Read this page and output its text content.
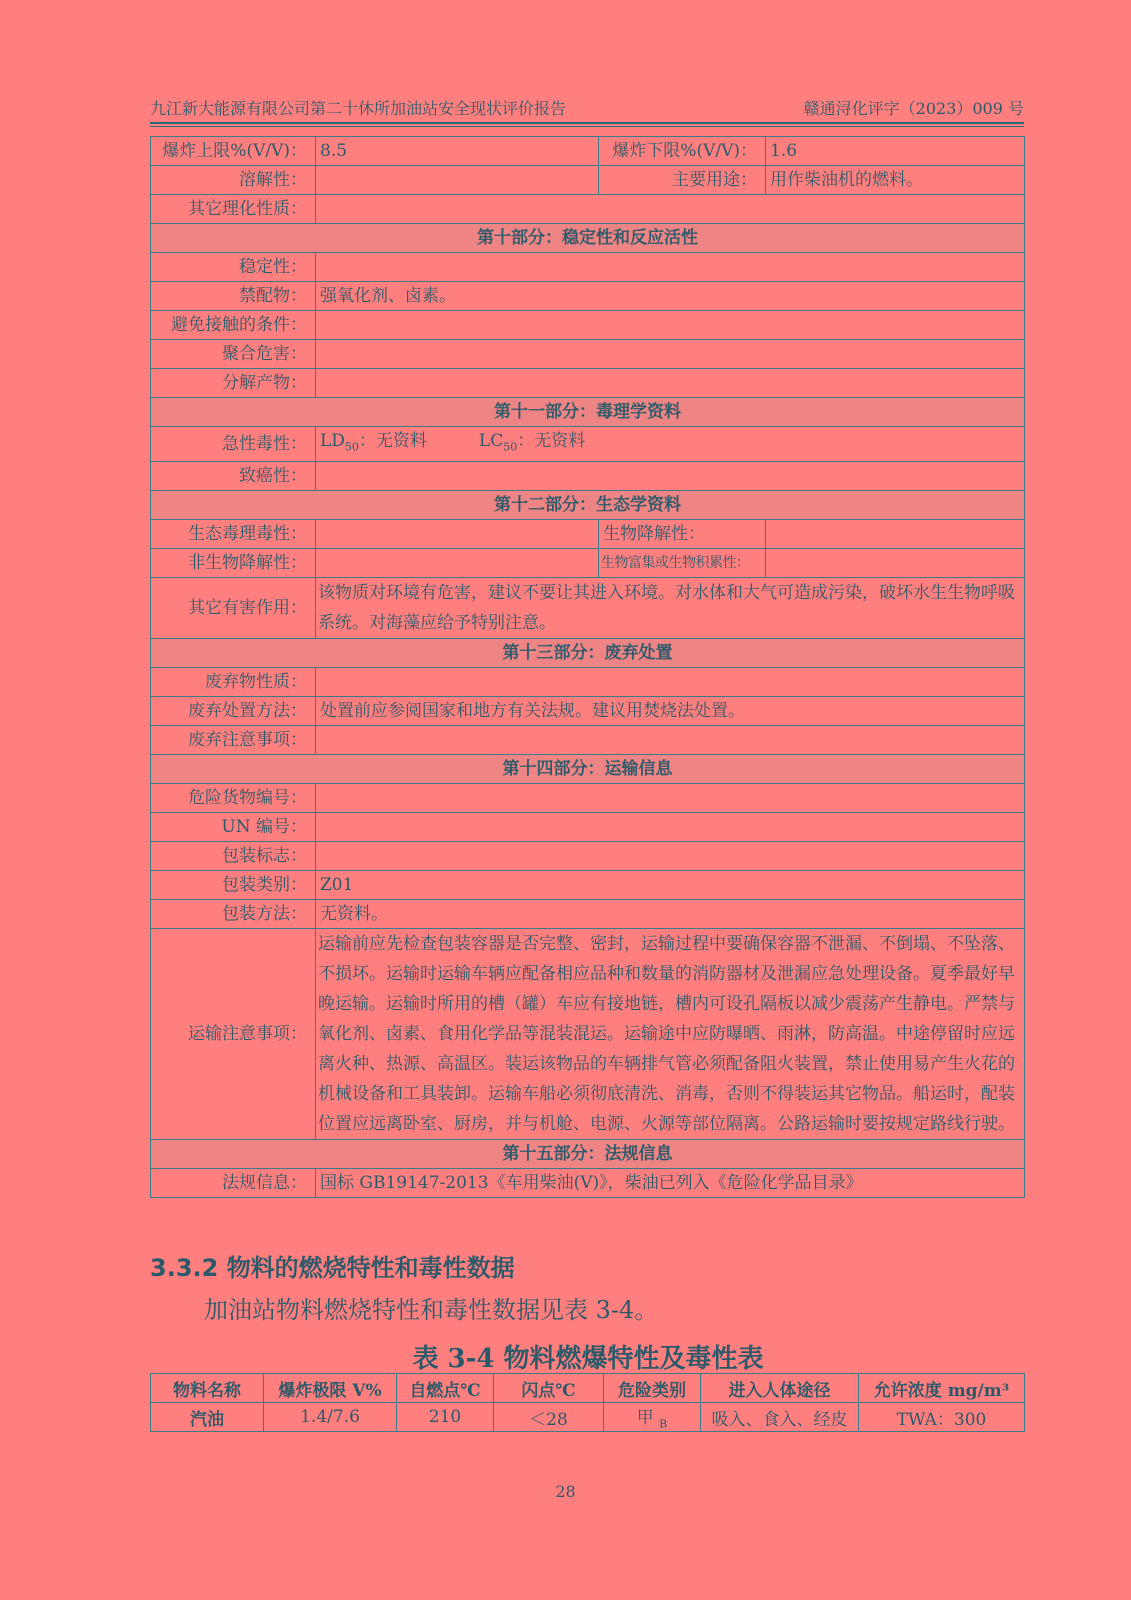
九江新大能源有限公司第二十休所加油站安全现状评价报告	赣通浔化评字（2023）009 号
爆炸上限%(V/V)：	8.5	爆炸下限%(V/V)：	1.6
溶解性：		主要用途：	用作柴油机的燃料。
其它理化性质：			
第十部分：稳定性和反应活性			
稳定性：			
禁配物：	强氧化剂、卤素。		
避免接触的条件：			
聚合危害：			
分解产物：			
第十一部分：毒理学资料			
急性毒性：	$LD_{50}$：无资料 $LC_{50}$：无资料		
致癌性：			
第十二部分：生态学资料			
生态毒理毒性：		生物降解性：	
非生物降解性：		生物富集或生物积累性：	
其它有害作用：	该物质对环境有危害，建议不要让其进入环境。对水体和大气可造成污染，破坏水生生物呼吸系统。对海藻应给予特别注意。		
第十三部分：废弃处置			
废弃物性质：			
废弃处置方法：	处置前应参阅国家和地方有关法规。建议用焚烧法处置。		
废弃注意事项：			
第十四部分：运输信息			
危险货物编号：			
UN 编号：			
包装标志：			
包装类别：	Z01		
包装方法：	无资料。		
运输注意事项：	运输前应先检查包装容器是否完整、密封，运输过程中要确保容器不泄漏、不倒塌、不坠落、不损坏。运输时运输车辆应配备相应品种和数量的消防器材及泄漏应急处理设备。夏季最好早晚运输。运输时所用的槽（罐）车应有接地链，槽内可设孔隔板以减少震荡产生静电。严禁与氧化剂、卤素、食用化学品等混装混运。运输途中应防曝晒、雨淋，防高温。中途停留时应远离火种、热源、高温区。装运该物品的车辆排气管必须配备阻火装置，禁止使用易产生火花的机械设备和工具装卸。运输车船必须彻底清洗、消毒，否则不得装运其它物品。船运时，配装位置应远离卧室、厨房，并与机舱、电源、火源等部位隔离。公路运输时要按规定路线行驶。		
第十五部分：法规信息			
法规信息：	国标 GB19147-2013《车用柴油(Ⅴ)》，柴油已列入《危险化学品目录》		
3.3.2 物料的燃烧特性和毒性数据
加油站物料燃烧特性和毒性数据见表 3-4。
表 3-4 物料燃爆特性及毒性表
物料名称	爆炸极限 V%	自燃点℃	闪点℃	危险类别	进入人体途径	允许浓度 mg/m³
汽油	1.4/7.6	210	＜28	甲 $_B$	吸入、食入、经皮	TWA：300
28
